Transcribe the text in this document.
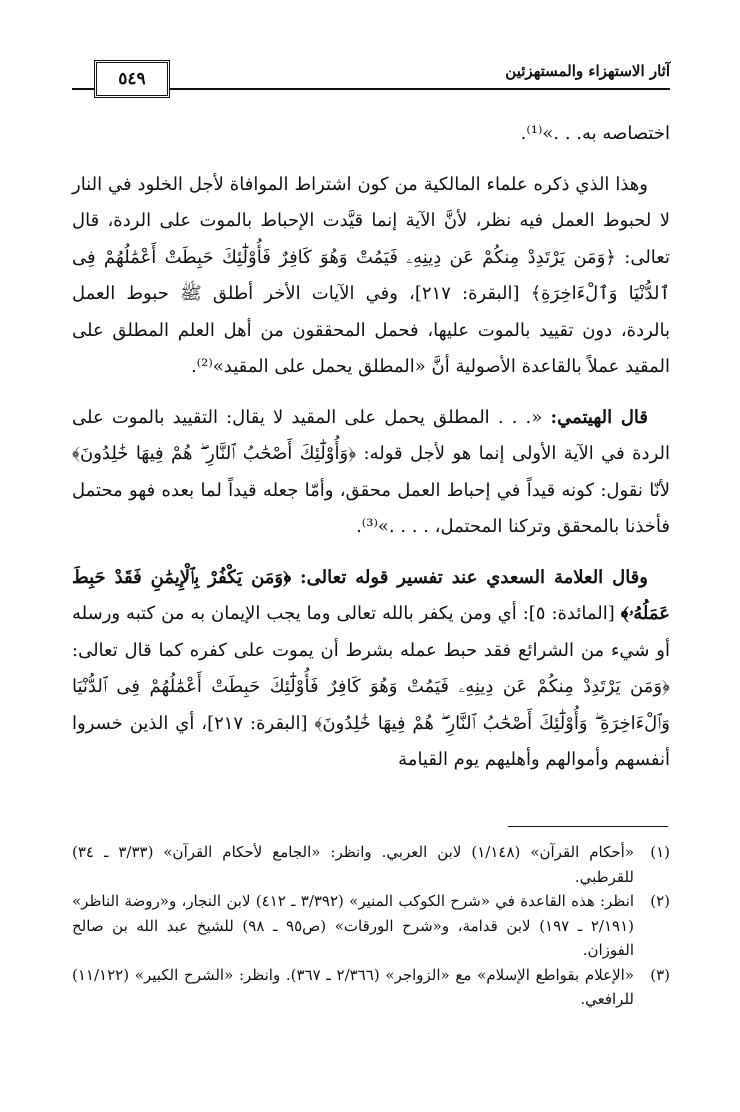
آثار الاستهزاء والمستهزئين
٥٤٩

اختصاصه به. . .»⁽¹⁾.

وهذا الذي ذكره علماء المالكية من كون اشتراط الموافاة لأجل الخلود في النار لا لحبوط العمل فيه نظر، لأنَّ الآية إنما قيَّدت الإحباط بالموت على الردة، قال تعالى: ﴿وَمَن يَرْتَدِدْ مِنكُمْ عَن دِينِهِۦ فَيَمُتْ وَهُوَ كَافِرٌ فَأُوْلَٰٓئِكَ حَبِطَتْ أَعْمَٰلُهُمْ فِى ٱلدُّنْيَا وَٱلْءَاخِرَةِ﴾ [البقرة: ٢١٧]، وفي الآيات الأخر أطلق ﷺ حبوط العمل بالردة، دون تقييد بالموت عليها، فحمل المحققون من أهل العلم المطلق على المقيد عملاً بالقاعدة الأصولية أنَّ «المطلق يحمل على المقيد»⁽²⁾.

قال الهيتمي: «. . . المطلق يحمل على المقيد لا يقال: التقييد بالموت على الردة في الآية الأولى إنما هو لأجل قوله: ﴿وَأُوْلَٰٓئِكَ أَصْحَٰبُ ٱلنَّارِ ۖ هُمْ فِيهَا خَٰلِدُونَ﴾ لأنّا نقول: كونه قيداً في إحباط العمل محقق، وأمّا جعله قيداً لما بعده فهو محتمل فأخذنا بالمحقق وتركنا المحتمل، . . . .»⁽³⁾.

وقال العلامة السعدي عند تفسير قوله تعالى: ﴿وَمَن يَكْفُرْ بِٱلْإِيمَٰنِ فَقَدْ حَبِطَ عَمَلُهُۥ﴾ [المائدة: ٥]: أي ومن يكفر بالله تعالى وما يجب الإيمان به من كتبه ورسله أو شيء من الشرائع فقد حبط عمله بشرط أن يموت على كفره كما قال تعالى: ﴿وَمَن يَرْتَدِدْ مِنكُمْ عَن دِينِهِۦ فَيَمُتْ وَهُوَ كَافِرٌ فَأُوْلَٰٓئِكَ حَبِطَتْ أَعْمَٰلُهُمْ فِى ٱلدُّنْيَا وَٱلْءَاخِرَةِ ۖ وَأُوْلَٰٓئِكَ أَصْحَٰبُ ٱلنَّارِ ۖ هُمْ فِيهَا خَٰلِدُونَ﴾ [البقرة: ٢١٧]، أي الذين خسروا أنفسهم وأموالهم وأهليهم يوم القيامة

(١)
«أحكام القرآن» (١/١٤٨) لابن العربي. وانظر: «الجامع لأحكام القرآن» (٣/٣٣ ـ ٣٤) للقرطبي.

(٢)
انظر: هذه القاعدة في «شرح الكوكب المنير» (٣/٣٩٢ ـ ٤١٢) لابن النجار، و«روضة الناظر» (٢/١٩١ ـ ١٩٧) لابن قدامة، و«شرح الورقات» (ص٩٥ ـ ٩٨) للشيخ عبد الله بن صالح الفوزان.

(٣)
«الإعلام بقواطع الإسلام» مع «الزواجر» (٢/٣٦٦ ـ ٣٦٧). وانظر: «الشرح الكبير» (١١/١٢٢) للرافعي.
